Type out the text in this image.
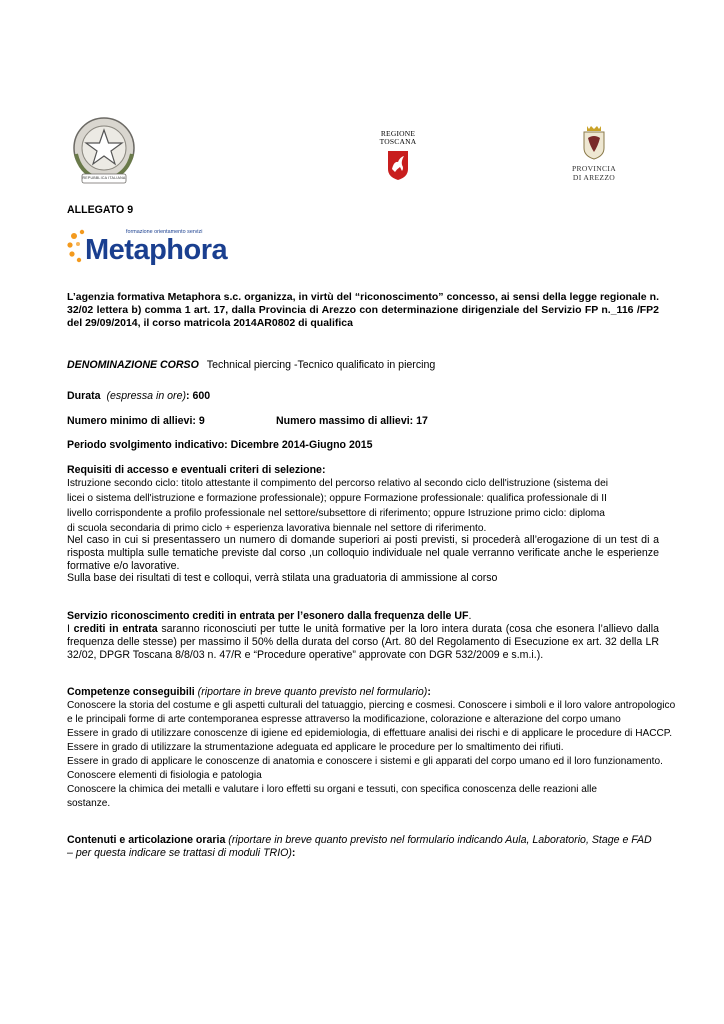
REPUBBLICA ITALIANA
REGIONE
TOSCANA
PROVINCIA
DI AREZZO
ALLEGATO 9
formazione orientamento servizi
Metaphora
L’agenzia formativa Metaphora s.c. organizza, in virtù del “riconoscimento” concesso, ai sensi della legge regionale n. 32/02 lettera b) comma 1 art. 17, dalla Provincia di Arezzo con determinazione dirigenziale del Servizio FP n._116 /FP2 del 29/09/2014, il corso matricola 2014AR0802 di qualifica
DENOMINAZIONE CORSO Technical piercing -Tecnico qualificato in piercing
Durata (espressa in ore): 600
Numero minimo di allievi: 9	Numero massimo di allievi: 17
Periodo svolgimento indicativo: Dicembre 2014-Giugno 2015
Requisiti di accesso e eventuali criteri di selezione:
Istruzione secondo ciclo: titolo attestante il compimento del percorso relativo al secondo ciclo dell'istruzione (sistema dei
licei o sistema dell'istruzione e formazione professionale); oppure Formazione professionale: qualifica professionale di II
livello corrispondente a profilo professionale nel settore/subsettore di riferimento; oppure Istruzione primo ciclo: diploma
di scuola secondaria di primo ciclo + esperienza lavorativa biennale nel settore di riferimento.
Nel caso in cui si presentassero un numero di domande superiori ai posti previsti, si procederà all’erogazione di un test di a risposta multipla sulle tematiche previste dal corso ,un colloquio individuale nel quale verranno verificate anche le esperienze formative e/o lavorative.
Sulla base dei risultati di test e colloqui, verrà stilata una graduatoria di ammissione al corso
Servizio riconoscimento crediti in entrata per l’esonero dalla frequenza delle UF.
I crediti in entrata saranno riconosciuti per tutte le unità formative per la loro intera durata (cosa che esonera l’allievo dalla frequenza delle stesse) per massimo il 50% della durata del corso (Art. 80 del Regolamento di Esecuzione ex art. 32 della LR 32/02, DPGR Toscana 8/8/03 n. 47/R e “Procedure operative” approvate con DGR 532/2009 e s.m.i.).
Competenze conseguibili (riportare in breve quanto previsto nel formulario):
Conoscere la storia del costume e gli aspetti culturali del tatuaggio, piercing e cosmesi. Conoscere i simboli e il loro valore antropologico
e le principali forme di arte contemporanea espresse attraverso la modificazione, colorazione e alterazione del corpo umano
Essere in grado di utilizzare conoscenze di igiene ed epidemiologia, di effettuare analisi dei rischi e di applicare le procedure di HACCP.
Essere in grado di utilizzare la strumentazione adeguata ed applicare le procedure per lo smaltimento dei rifiuti.
Essere in grado di applicare le conoscenze di anatomia e conoscere i sistemi e gli apparati del corpo umano ed il loro funzionamento.
Conoscere elementi di fisiologia e patologia
Conoscere la chimica dei metalli e valutare i loro effetti su organi e tessuti, con specifica conoscenza delle reazioni alle
sostanze.
Contenuti e articolazione oraria (riportare in breve quanto previsto nel formulario indicando Aula, Laboratorio, Stage e FAD – per questa indicare se trattasi di moduli TRIO):
